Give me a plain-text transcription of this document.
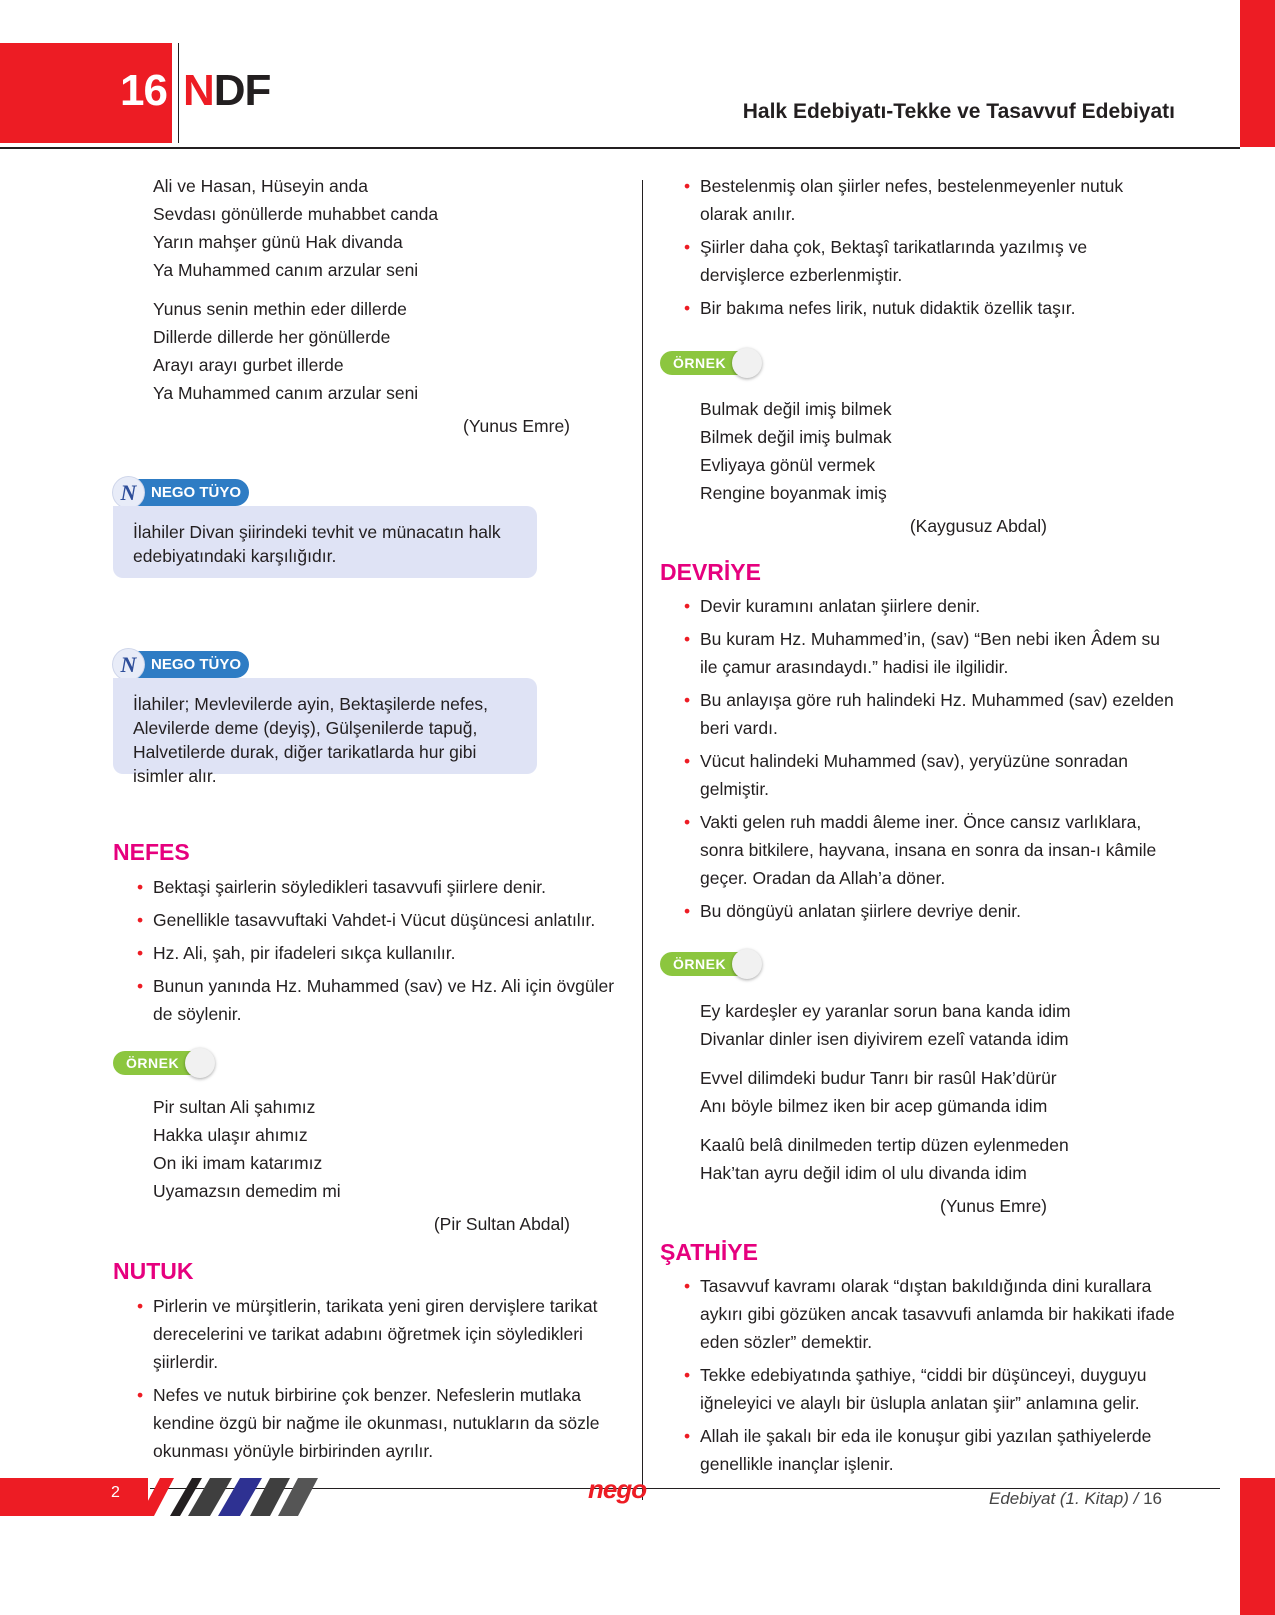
16 NDF	Halk Edebiyatı-Tekke ve Tasavvuf Edebiyatı
Ali ve Hasan, Hüseyin anda
Sevdası gönüllerde muhabbet canda
Yarın mahşer günü Hak divanda
Ya Muhammed canım arzular seni
Yunus senin methin eder dillerde
Dillerde dillerde her gönüllerde
Arayı arayı gurbet illerde
Ya Muhammed canım arzular seni
(Yunus Emre)
NEGO TÜYO
N
İlahiler Divan şiirindeki tevhit ve münacatın halk edebiyatındaki karşılığıdır.
NEGO TÜYO
N
İlahiler; Mevlevilerde ayin, Bektaşilerde nefes, Alevilerde deme (deyiş), Gülşenilerde tapuğ, Halvetilerde durak, diğer tarikatlarda hur gibi isimler alır.
NEFES
• Bektaşi şairlerin söyledikleri tasavvufi şiirlere denir.
• Genellikle tasavvuftaki Vahdet-i Vücut düşüncesi anlatılır.
• Hz. Ali, şah, pir ifadeleri sıkça kullanılır.
• Bunun yanında Hz. Muhammed (sav) ve Hz. Ali için övgüler de söylenir.
ÖRNEK
Pir sultan Ali şahımız
Hakka ulaşır ahımız
On iki imam katarımız
Uyamazsın demedim mi
(Pir Sultan Abdal)
NUTUK
• Pirlerin ve mürşitlerin, tarikata yeni giren dervişlere tarikat derecelerini ve tarikat adabını öğretmek için söyledikleri şiirlerdir.
• Nefes ve nutuk birbirine çok benzer. Nefeslerin mutlaka kendine özgü bir nağme ile okunması, nutukların da sözle okunması yönüyle birbirinden ayrılır.
• Bestelenmiş olan şiirler nefes, bestelenmeyenler nutuk olarak anılır.
• Şiirler daha çok, Bektaşî tarikatlarında yazılmış ve dervişlerce ezberlenmiştir.
• Bir bakıma nefes lirik, nutuk didaktik özellik taşır.
ÖRNEK
Bulmak değil imiş bilmek
Bilmek değil imiş bulmak
Evliyaya gönül vermek
Rengine boyanmak imiş
(Kaygusuz Abdal)
DEVRİYE
• Devir kuramını anlatan şiirlere denir.
• Bu kuram Hz. Muhammed’in, (sav) “Ben nebi iken Âdem su ile çamur arasındaydı.” hadisi ile ilgilidir.
• Bu anlayışa göre ruh halindeki Hz. Muhammed (sav) ezelden beri vardı.
• Vücut halindeki Muhammed (sav), yeryüzüne sonradan gelmiştir.
• Vakti gelen ruh maddi âleme iner. Önce cansız varlıklara, sonra bitkilere, hayvana, insana en sonra da insan-ı kâmile geçer. Oradan da Allah’a döner.
• Bu döngüyü anlatan şiirlere devriye denir.
ÖRNEK
Ey kardeşler ey yaranlar sorun bana kanda idim
Divanlar dinler isen diyivirem ezelî vatanda idim
Evvel dilimdeki budur Tanrı bir rasûl Hak’dürür
Anı böyle bilmez iken bir acep gümanda idim
Kaalû belâ dinilmeden tertip düzen eylenmeden
Hak’tan ayru değil idim ol ulu divanda idim
(Yunus Emre)
ŞATHİYE
• Tasavvuf kavramı olarak “dıştan bakıldığında dini kurallara aykırı gibi gözüken ancak tasavvufi anlamda bir hakikati ifade eden sözler” demektir.
• Tekke edebiyatında şathiye, “ciddi bir düşünceyi, duyguyu iğneleyici ve alaylı bir üslupla anlatan şiir” anlamına gelir.
• Allah ile şakalı bir eda ile konuşur gibi yazılan şathiyelerde genellikle inançlar işlenir.
2	nego	Edebiyat (1. Kitap) / 16
